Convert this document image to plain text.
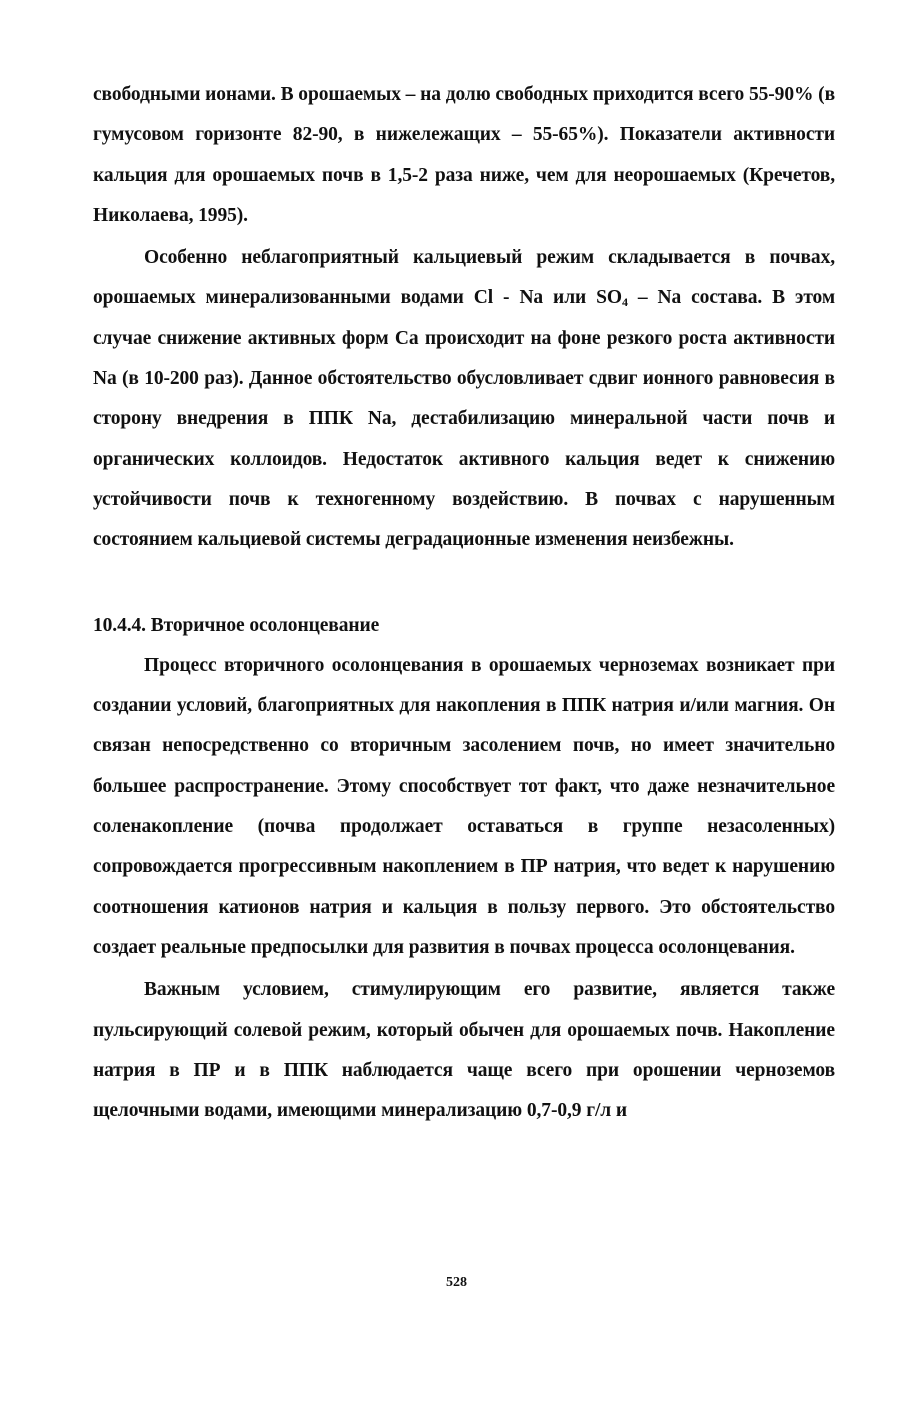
свободными ионами. В орошаемых – на долю свободных приходится всего 55-90% (в гумусовом горизонте 82-90, в нижележащих – 55-65%). Показатели активности кальция для орошаемых почв в 1,5-2 раза ниже, чем для неорошаемых (Кречетов, Николаева, 1995).

Особенно неблагоприятный кальциевый режим складывается в почвах, орошаемых минерализованными водами Cl - Na или $SO_4$ – Na состава. В этом случае снижение активных форм Ca происходит на фоне резкого роста активности Na (в 10-200 раз). Данное обстоятельство обусловливает сдвиг ионного равновесия в сторону внедрения в ППК Na, дестабилизацию минеральной части почв и органических коллоидов. Недостаток активного кальция ведет к снижению устойчивости почв к техногенному воздействию. В почвах с нарушенным состоянием кальциевой системы деградационные изменения неизбежны.

10.4.4. Вторичное осолонцевание

Процесс вторичного осолонцевания в орошаемых черноземах возникает при создании условий, благоприятных для накопления в ППК натрия и/или магния. Он связан непосредственно со вторичным засолением почв, но имеет значительно большее распространение. Этому способствует тот факт, что даже незначительное соленакопление (почва продолжает оставаться в группе незасоленных) сопровождается прогрессивным накоплением в ПР натрия, что ведет к нарушению соотношения катионов натрия и кальция в пользу первого. Это обстоятельство создает реальные предпосылки для развития в почвах процесса осолонцевания.

Важным условием, стимулирующим его развитие, является также пульсирующий солевой режим, который обычен для орошаемых почв. Накопление натрия в ПР и в ППК наблюдается чаще всего при орошении черноземов щелочными водами, имеющими минерализацию 0,7-0,9 г/л и

528
